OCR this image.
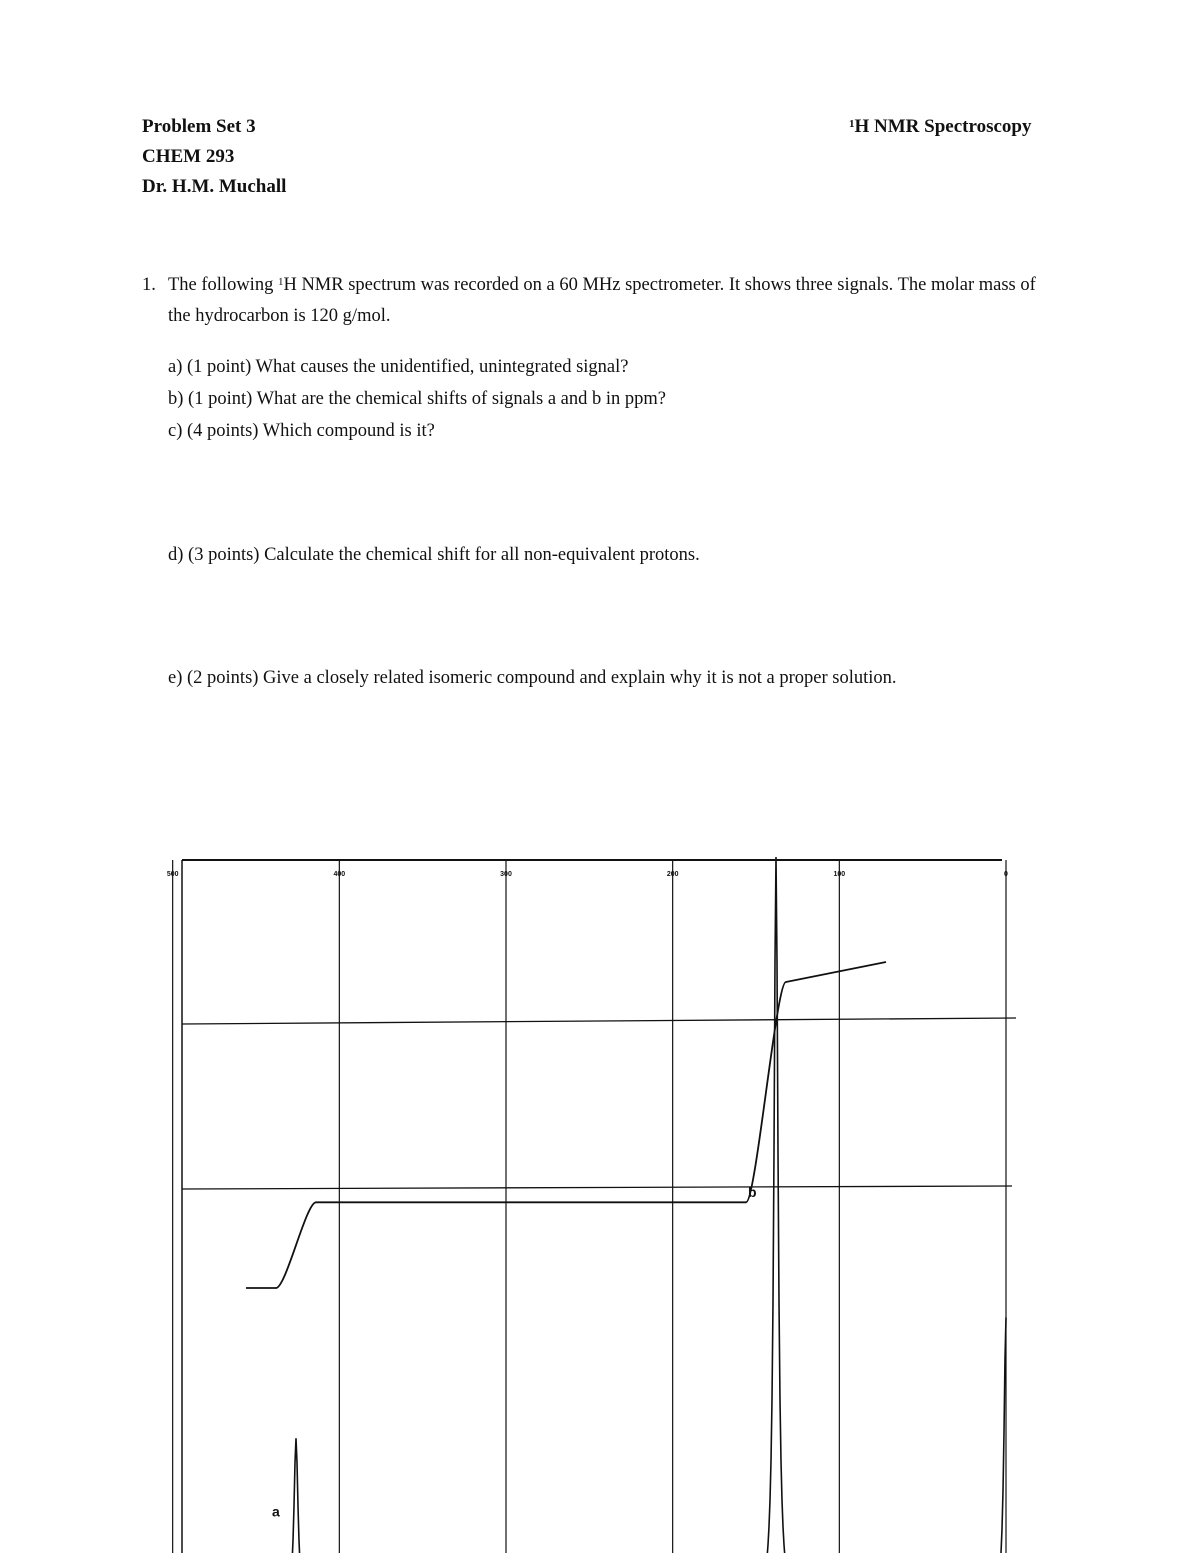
Problem Set 3
CHEM 293
Dr. H.M. Muchall
$^1$H NMR Spectroscopy
1. The following $^1$H NMR spectrum was recorded on a 60 MHz spectrometer. It shows three signals. The molar mass of the hydrocarbon is 120 g/mol.
a) (1 point) What causes the unidentified, unintegrated signal?
b) (1 point) What are the chemical shifts of signals a and b in ppm?
c) (4 points) Which compound is it?
d) (3 points) Calculate the chemical shift for all non-equivalent protons.
e) (2 points) Give a closely related isomeric compound and explain why it is not a proper solution.
500	400	300	200	100	0
a
b
